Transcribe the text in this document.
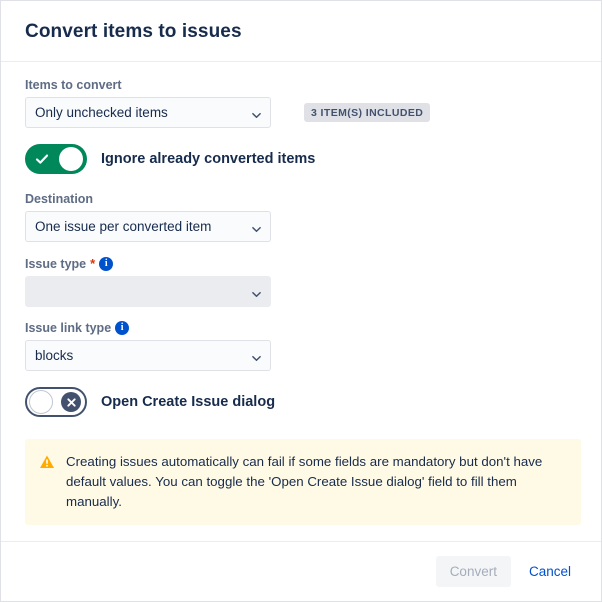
Convert items to issues
Items to convert
Only unchecked items	3 ITEM(S) INCLUDED
Ignore already converted items
Destination
One issue per converted item
Issue type * i
Issue link type i
blocks
Open Create Issue dialog
Creating issues automatically can fail if some fields are mandatory but don't have default values. You can toggle the 'Open Create Issue dialog' field to fill them manually.
Convert	Cancel
